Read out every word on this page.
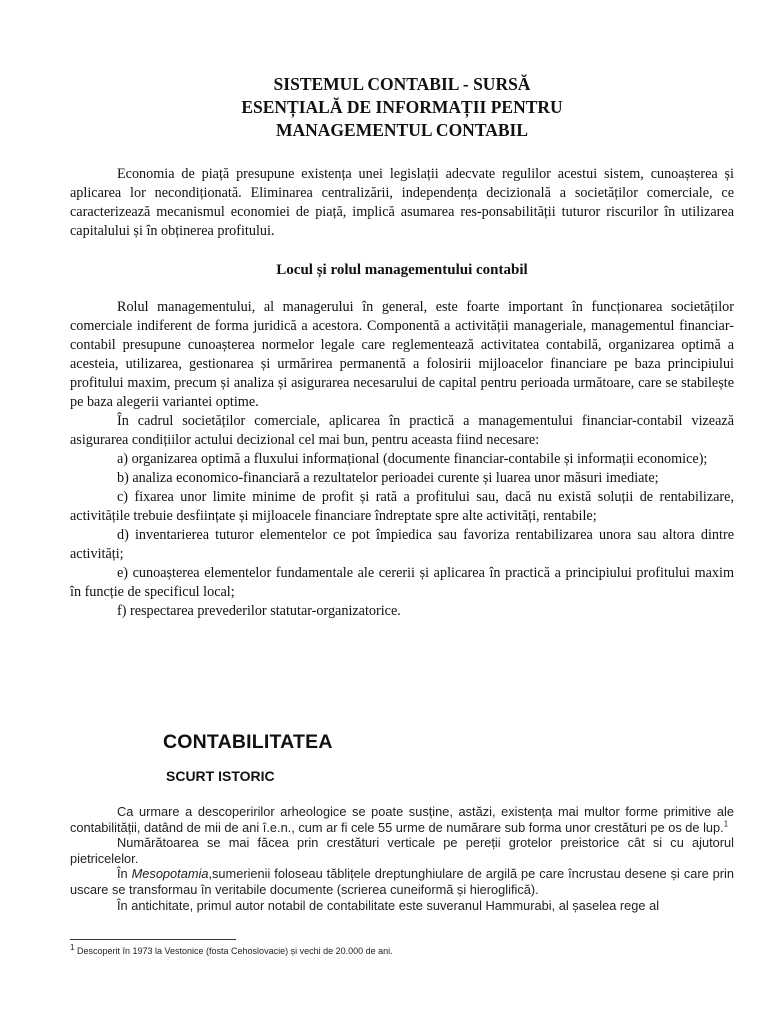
SISTEMUL CONTABIL - SURSĂ
ESENȚIALĂ DE INFORMAȚII PENTRU
MANAGEMENTUL CONTABIL

Economia de piață presupune existența unei legislații adecvate regulilor acestui sistem, cunoașterea și aplicarea lor necondiționată. Eliminarea centralizării, independența decizională a societăților comerciale, ce caracterizează mecanismul economiei de piață, implică asumarea res-ponsabilității tuturor riscurilor în utilizarea capitalului și în obținerea profitului.

Locul și rolul managementului contabil

Rolul managementului, al managerului în general, este foarte important în funcționarea societăților comerciale indiferent de forma juridică a acestora. Componentă a activității manageriale, managementul financiar-contabil presupune cunoașterea normelor legale care reglementează activitatea contabilă, organizarea optimă a acesteia, utilizarea, gestionarea și urmărirea permanentă a folosirii mijloacelor financiare pe baza principiului profitului maxim, precum și analiza și asigurarea necesarului de capital pentru perioada următoare, care se stabilește pe baza alegerii variantei optime.

În cadrul societăților comerciale, aplicarea în practică a managementului financiar-contabil vizează asigurarea condițiilor actului decizional cel mai bun, pentru aceasta fiind necesare:

a) organizarea optimă a fluxului informațional (documente financiar-contabile și informații economice);

b) analiza economico-financiară a rezultatelor perioadei curente și luarea unor măsuri imediate;

c) fixarea unor limite minime de profit și rată a profitului sau, dacă nu există soluții de rentabilizare, activitățile trebuie desființate și mijloacele financiare îndreptate spre alte activități, rentabile;

d) inventarierea tuturor elementelor ce pot împiedica sau favoriza rentabilizarea unora sau altora dintre activități;

e) cunoașterea elementelor fundamentale ale cererii și aplicarea în practică a principiului profitului maxim în funcție de specificul local;

f) respectarea prevederilor statutar-organizatorice.

CONTABILITATEA
SCURT ISTORIC

Ca urmare a descoperirilor arheologice se poate susține, astăzi, existența mai multor forme primitive ale contabilității, datând de mii de ani î.e.n., cum ar fi cele 55 urme de numărare sub forma unor crestături pe os de lup.$^1$

Numărătoarea se mai făcea prin crestături verticale pe pereții grotelor preistorice cât si cu ajutorul pietricelelor.

În Mesopotamia,sumerienii foloseau tăblițele dreptunghiulare de argilă pe care încrustau desene și care prin uscare se transformau în veritabile documente (scrierea cuneiformă și hieroglifică).

În antichitate, primul autor notabil de contabilitate este suveranul Hammurabi, al șaselea rege al

1 Descoperit în 1973 la Vestonice (fosta Cehoslovacie) și vechi de 20.000 de ani.
